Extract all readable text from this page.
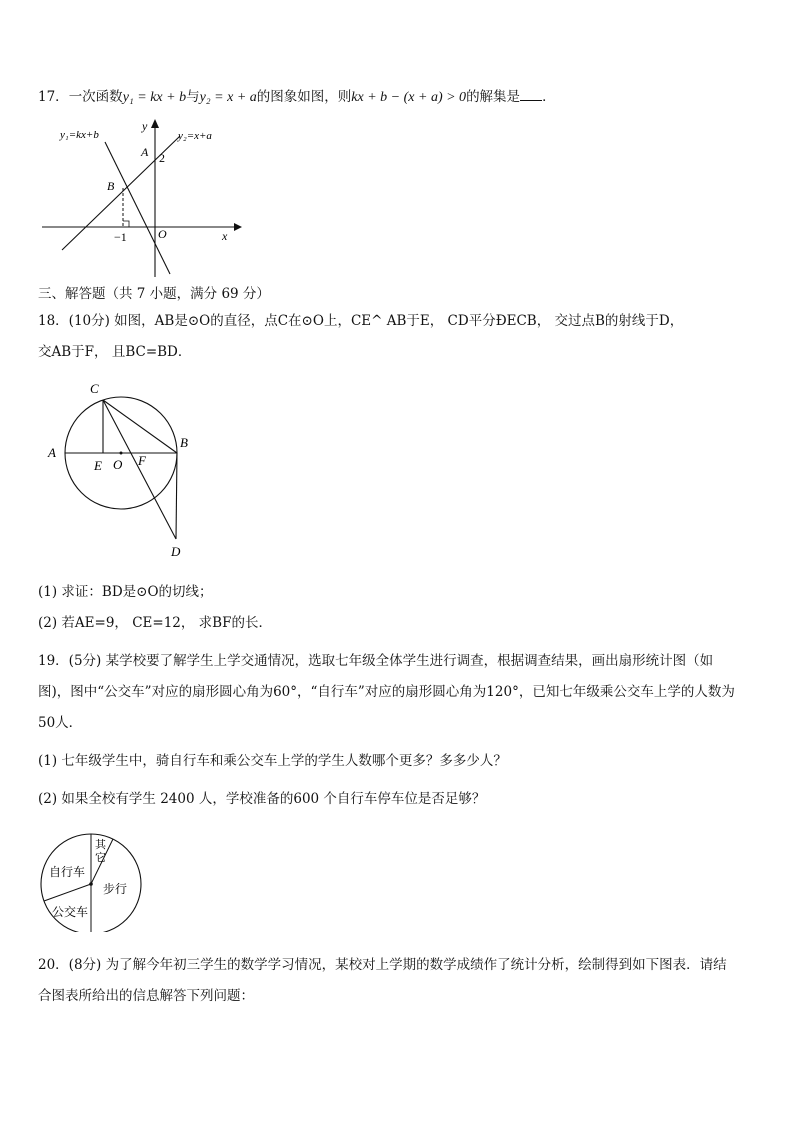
17．一次函数y₁ = kx + b与y₂ = x + a的图象如图，则kx + b − (x + a) > 0的解集是 ．
y₁=kx+b	y₂=x+a
y
x
A 2
B
−1	O
三、解答题（共 7 小题，满分 69 分）
18．(10分) 如图，AB是⊙O的直径，点C在⊙O上，CE^ AB于E， CD平分ÐECB， 交过点B的射线于D，
交AB于F， 且BC=BD．
C
A
B
E O F
D
(1) 求证：BD是⊙O的切线；
(2) 若AE=9， CE=12， 求BF的长．
19．(5分) 某学校要了解学生上学交通情况，选取七年级全体学生进行调查，根据调查结果，画出扇形统计图（如
图)，图中“公交车”对应的扇形圆心角为60°，“自行车”对应的扇形圆心角为120°，已知七年级乘公交车上学的人数为
50人．
(1) 七年级学生中，骑自行车和乘公交车上学的学生人数哪个更多？多多少人？
(2) 如果全校有学生 2400 人，学校准备的600 个自行车停车位是否足够？
其
它
步行
自行车
公交车
20．(8分) 为了解今年初三学生的数学学习情况，某校对上学期的数学成绩作了统计分析，绘制得到如下图表．请结
合图表所给出的信息解答下列问题：
